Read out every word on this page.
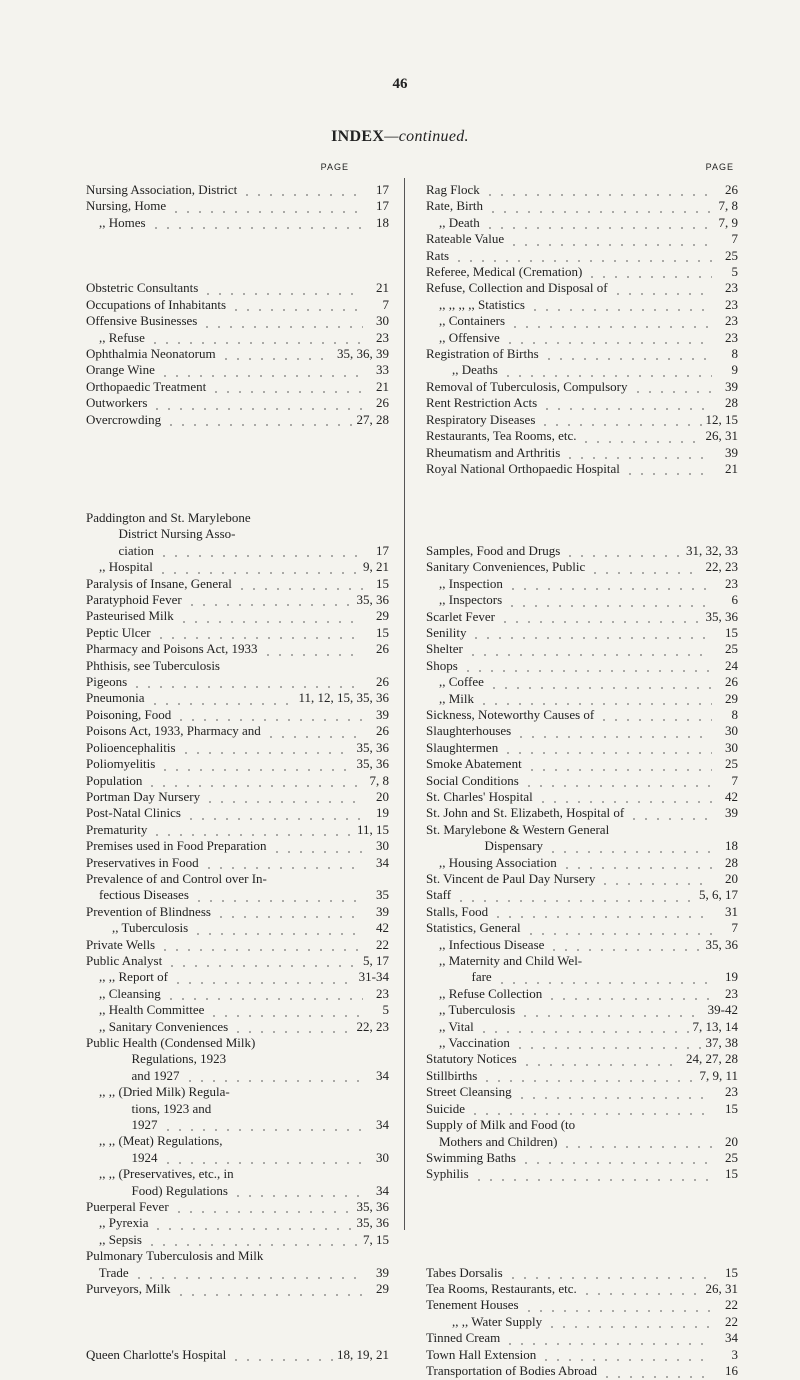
46
INDEX—continued.
PAGE
Nursing Association, District	17
Nursing, Home	17
,, Homes	18
Obstetric Consultants	21
Occupations of Inhabitants	7
Offensive Businesses	30
,, Refuse	23
Ophthalmia Neonatorum	35, 36, 39
Orange Wine	33
Orthopaedic Treatment	21
Outworkers	26
Overcrowding	27, 28
Paddington and St. Marylebone
District Nursing Asso-
ciation	17
,, Hospital	9, 21
Paralysis of Insane, General	15
Paratyphoid Fever	35, 36
Pasteurised Milk	29
Peptic Ulcer	15
Pharmacy and Poisons Act, 1933	26
Phthisis, see Tuberculosis
Pigeons	26
Pneumonia	11, 12, 15, 35, 36
Poisoning, Food	39
Poisons Act, 1933, Pharmacy and	26
Polioencephalitis	35, 36
Poliomyelitis	35, 36
Population	7, 8
Portman Day Nursery	20
Post-Natal Clinics	19
Prematurity	11, 15
Premises used in Food Preparation	30
Preservatives in Food	34
Prevalence of and Control over In-
fectious Diseases	35
Prevention of Blindness	39
,, Tuberculosis	42
Private Wells	22
Public Analyst	5, 17
,, ,, Report of	31-34
,, Cleansing	23
,, Health Committee	5
,, Sanitary Conveniences	22, 23
Public Health (Condensed Milk)
Regulations, 1923
and 1927	34
,, ,, (Dried Milk) Regula-
tions, 1923 and
1927	34
,, ,, (Meat) Regulations,
1924	30
,, ,, (Preservatives, etc., in
Food) Regulations	34
Puerperal Fever	35, 36
,, Pyrexia	35, 36
,, Sepsis	7, 15
Pulmonary Tuberculosis and Milk
Trade	39
Purveyors, Milk	29
Queen Charlotte's Hospital	18, 19, 21
PAGE
Rag Flock	26
Rate, Birth	7, 8
,, Death	7, 9
Rateable Value	7
Rats	25
Referee, Medical (Cremation)	5
Refuse, Collection and Disposal of	23
,, ,, ,, ,, Statistics	23
,, Containers	23
,, Offensive	23
Registration of Births	8
,, Deaths	9
Removal of Tuberculosis, Compulsory	39
Rent Restriction Acts	28
Respiratory Diseases	12, 15
Restaurants, Tea Rooms, etc.	26, 31
Rheumatism and Arthritis	39
Royal National Orthopaedic Hospital	21
Samples, Food and Drugs	31, 32, 33
Sanitary Conveniences, Public	22, 23
,, Inspection	23
,, Inspectors	6
Scarlet Fever	35, 36
Senility	15
Shelter	25
Shops	24
,, Coffee	26
,, Milk	29
Sickness, Noteworthy Causes of	8
Slaughterhouses	30
Slaughtermen	30
Smoke Abatement	25
Social Conditions	7
St. Charles' Hospital	42
St. John and St. Elizabeth, Hospital of	39
St. Marylebone & Western General
Dispensary	18
,, Housing Association	28
St. Vincent de Paul Day Nursery	20
Staff	5, 6, 17
Stalls, Food	31
Statistics, General	7
,, Infectious Disease	35, 36
,, Maternity and Child Wel-
fare	19
,, Refuse Collection	23
,, Tuberculosis	39-42
,, Vital	7, 13, 14
,, Vaccination	37, 38
Statutory Notices	24, 27, 28
Stillbirths	7, 9, 11
Street Cleansing	23
Suicide	15
Supply of Milk and Food (to
Mothers and Children)	20
Swimming Baths	25
Syphilis	15
Tabes Dorsalis	15
Tea Rooms, Restaurants, etc.	26, 31
Tenement Houses	22
,, ,, Water Supply	22
Tinned Cream	34
Town Hall Extension	3
Transportation of Bodies Abroad	16
